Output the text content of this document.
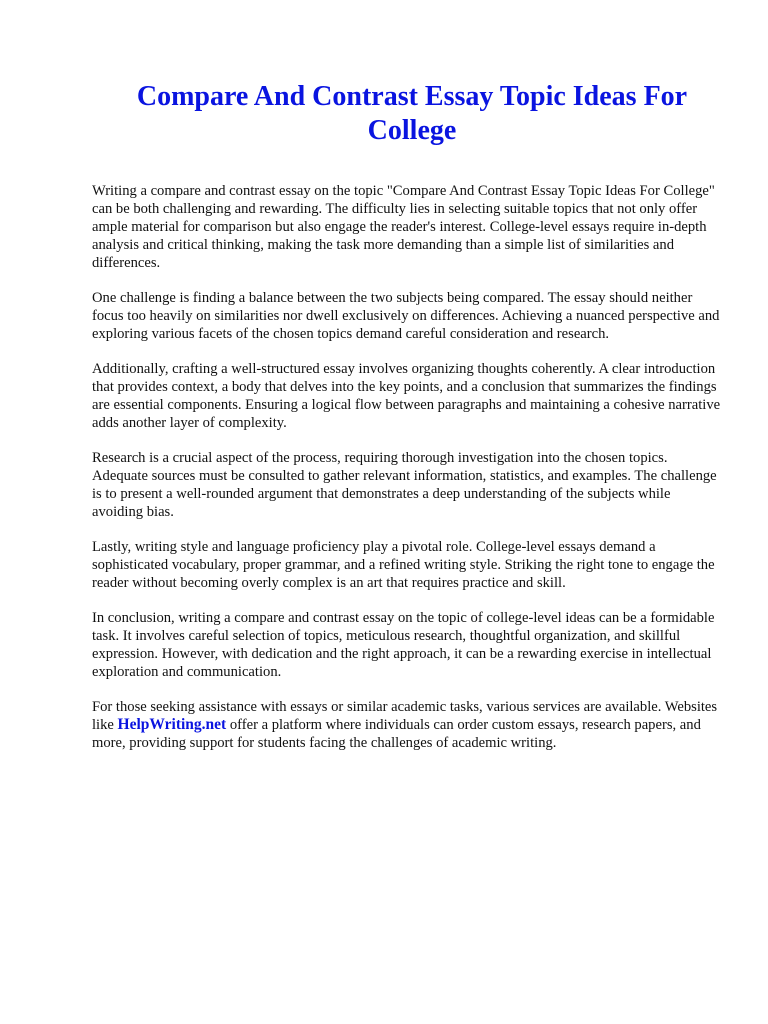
Compare And Contrast Essay Topic Ideas For College

Writing a compare and contrast essay on the topic "Compare And Contrast Essay Topic Ideas For College" can be both challenging and rewarding. The difficulty lies in selecting suitable topics that not only offer ample material for comparison but also engage the reader's interest. College-level essays require in-depth analysis and critical thinking, making the task more demanding than a simple list of similarities and differences.

One challenge is finding a balance between the two subjects being compared. The essay should neither focus too heavily on similarities nor dwell exclusively on differences. Achieving a nuanced perspective and exploring various facets of the chosen topics demand careful consideration and research.

Additionally, crafting a well-structured essay involves organizing thoughts coherently. A clear introduction that provides context, a body that delves into the key points, and a conclusion that summarizes the findings are essential components. Ensuring a logical flow between paragraphs and maintaining a cohesive narrative adds another layer of complexity.

Research is a crucial aspect of the process, requiring thorough investigation into the chosen topics. Adequate sources must be consulted to gather relevant information, statistics, and examples. The challenge is to present a well-rounded argument that demonstrates a deep understanding of the subjects while avoiding bias.

Lastly, writing style and language proficiency play a pivotal role. College-level essays demand a sophisticated vocabulary, proper grammar, and a refined writing style. Striking the right tone to engage the reader without becoming overly complex is an art that requires practice and skill.

In conclusion, writing a compare and contrast essay on the topic of college-level ideas can be a formidable task. It involves careful selection of topics, meticulous research, thoughtful organization, and skillful expression. However, with dedication and the right approach, it can be a rewarding exercise in intellectual exploration and communication.

For those seeking assistance with essays or similar academic tasks, various services are available. Websites like HelpWriting.net offer a platform where individuals can order custom essays, research papers, and more, providing support for students facing the challenges of academic writing.
